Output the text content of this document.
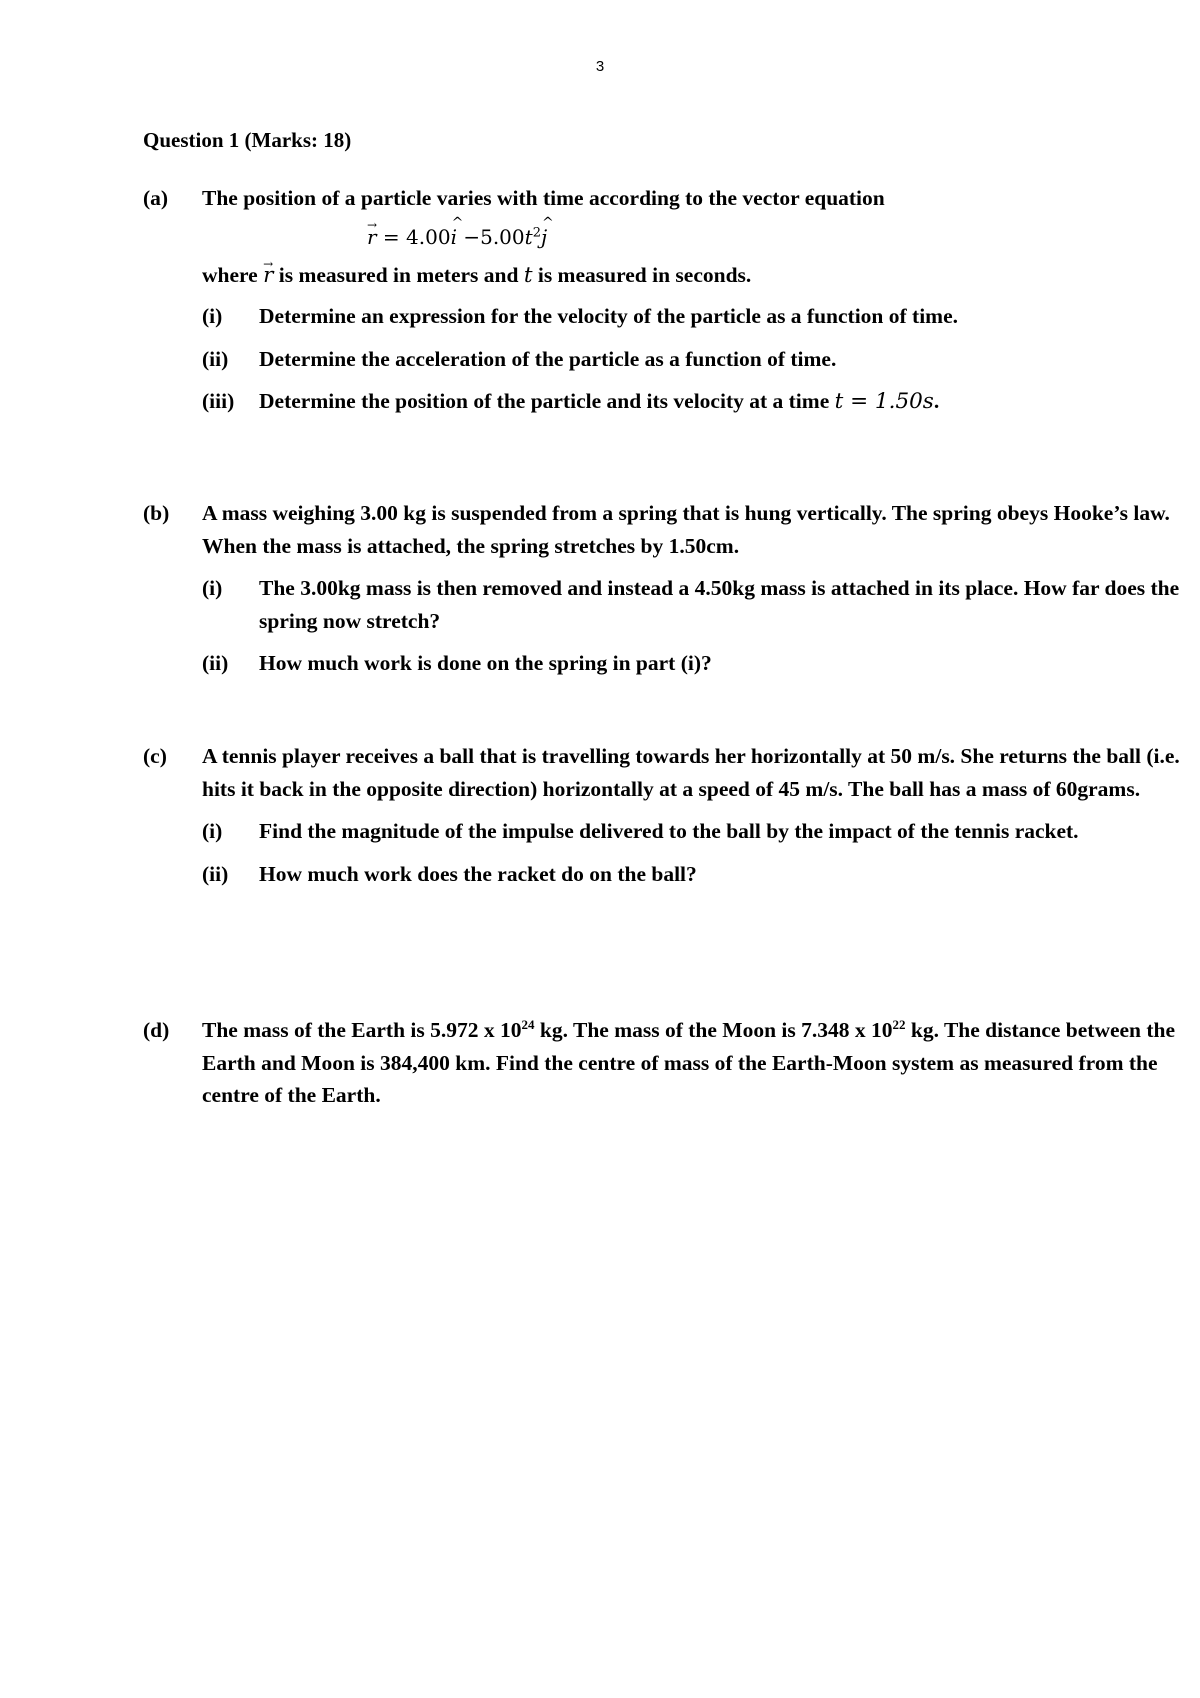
3
Question 1 (Marks: 18)
(a) The position of a particle varies with time according to the vector equation
→ r = 4.00^ $i -5.00t^2\^{}$ j
where → r is measured in meters and t is measured in seconds.
(i) Determine an expression for the velocity of the particle as a function of time.
(ii) Determine the acceleration of the particle as a function of time.
(iii) Determine the position of the particle and its velocity at a time t = 1.50s.
(b) A mass weighing 3.00 kg is suspended from a spring that is hung vertically. The spring obeys Hooke’s law. When the mass is attached, the spring stretches by 1.50cm.
(i) The 3.00kg mass is then removed and instead a 4.50kg mass is attached in its place. How far does the spring now stretch?
(ii) How much work is done on the spring in part (i)?
(c) A tennis player receives a ball that is travelling towards her horizontally at 50 m/s. She returns the ball (i.e. hits it back in the opposite direction) horizontally at a speed of 45 m/s. The ball has a mass of 60grams.
(i) Find the magnitude of the impulse delivered to the ball by the impact of the tennis racket.
(ii) How much work does the racket do on the ball?
(d) The mass of the Earth is 5.972 x $10^{24}$ kg. The mass of the Moon is 7.348 x $10^{22}$ kg. The distance between the Earth and Moon is 384,400 km. Find the centre of mass of the Earth-Moon system as measured from the centre of the Earth.
